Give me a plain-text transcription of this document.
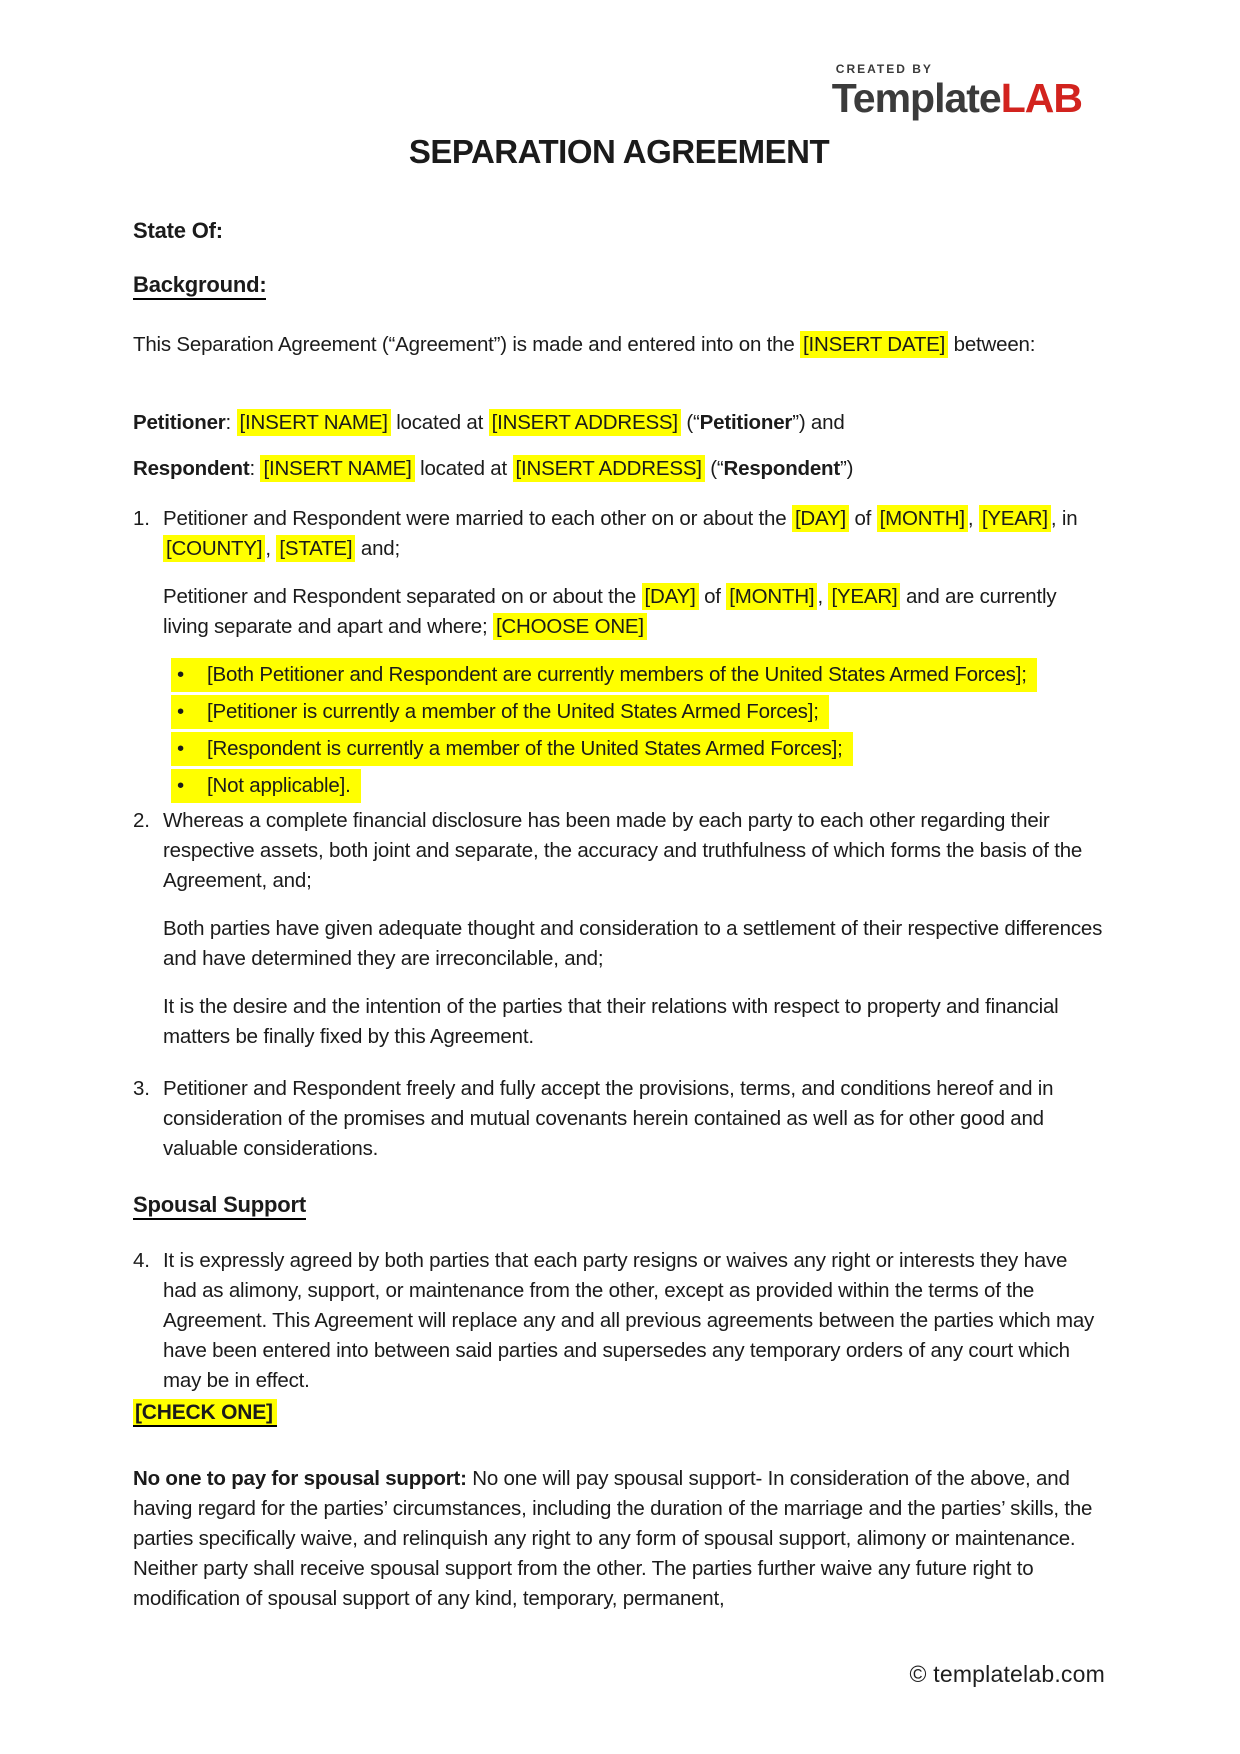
CREATED BY
TemplateLAB
SEPARATION AGREEMENT
State Of:
Background:

This Separation Agreement (“Agreement”) is made and entered into on the [INSERT DATE] between:

Petitioner: [INSERT NAME] located at [INSERT ADDRESS] (“Petitioner”) and

Respondent: [INSERT NAME] located at [INSERT ADDRESS] (“Respondent”)

1. Petitioner and Respondent were married to each other on or about the [DAY] of [MONTH] , [YEAR] , in [COUNTY] , [STATE] and;

Petitioner and Respondent separated on or about the [DAY] of [MONTH] , [YEAR] and are currently living separate and apart and where; [CHOOSE ONE]

• [Both Petitioner and Respondent are currently members of the United States Armed Forces];
• [Petitioner is currently a member of the United States Armed Forces];
• [Respondent is currently a member of the United States Armed Forces];
• [Not applicable].
2. Whereas a complete financial disclosure has been made by each party to each other regarding their respective assets, both joint and separate, the accuracy and truthfulness of which forms the basis of the Agreement, and;

Both parties have given adequate thought and consideration to a settlement of their respective differences and have determined they are irreconcilable, and;

It is the desire and the intention of the parties that their relations with respect to property and financial matters be finally fixed by this Agreement.

3. Petitioner and Respondent freely and fully accept the provisions, terms, and conditions hereof and in consideration of the promises and mutual covenants herein contained as well as for other good and valuable considerations.
Spousal Support
4. It is expressly agreed by both parties that each party resigns or waives any right or interests they have had as alimony, support, or maintenance from the other, except as provided within the terms of the Agreement. This Agreement will replace any and all previous agreements between the parties which may have been entered into between said parties and supersedes any temporary orders of any court which may be in effect.
[CHECK ONE]

No one to pay for spousal support: No one will pay spousal support- In consideration of the above, and having regard for the parties’ circumstances, including the duration of the marriage and the parties’ skills, the parties specifically waive, and relinquish any right to any form of spousal support, alimony or maintenance. Neither party shall receive spousal support from the other. The parties further waive any future right to modification of spousal support of any kind, temporary, permanent,

© templatelab.com
